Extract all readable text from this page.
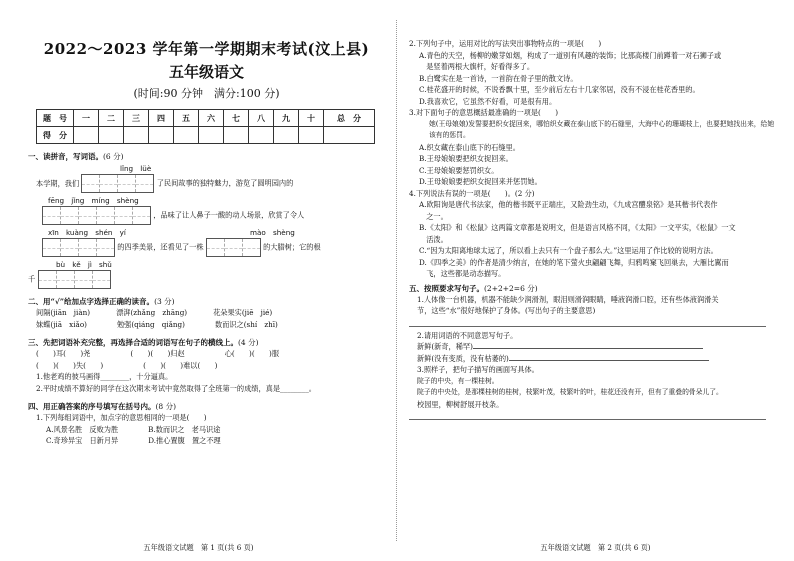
2022～2023 学年第一学期期末考试(汶上县)
五年级语文
(时间:90 分钟　满分:100 分)
题　号	一	二	三	四	五	六	七	八	九	十	总　分
得　分											
一、读拼音，写词语。(6 分)
lǐng　lüè
本学期，我们	了民间故事的独特魅力，游览了圆明园内的
fēng　jǐng　míng　shèng
，品味了让人鼻子一酸的动人场景，欣赏了令人
xīn　kuàng　shén　yí	mào　shèng
的四季美景，还看见了一株	的大腊树；它的根
bù　kě　jì　shǔ
千
二、用“√”给加点字选择正确的读音。(3 分)
间隔(jiān　jiàn)	漂湃(zhǎng　zhāng)	花朵果实(jiē　jié)
妹蝶(jiā　xiǎo)	勉强(qiáng　qiǎng)	数而识之(shí　zhī)
三、先把词语补充完整，再选择合适的词语写在句子的横线上。(4 分)
(　　)耳(　　)尧	(　　)(　　)归赵	心(　　)(　　)服
(　　)(　　)失(　　)	(　　)(　　)难以(　　)
1.他老鸡的彼马画得________，十分逼真。
2.平时成绩不算好的同学在这次期末考试中竟然取得了全班第一的成绩，真是________。
四、用正确答案的序号填写在括号内。(8 分)
1.下列每组词语中，加点字的意思相同的一项是(　　)
A.风景名胜　反败为胜	B.数而识之　老马识途
C.奇珍异宝　日新月异	D.推心置腹　置之不理
五年级语文试题　第 1 页(共 6 页)
2.下列句子中，运用对比的写法突出事物特点的一项是(　　)
A.青色的天空，杨柳的嫩芽如烟，构成了一道别有风趣的装饰；比那高楼门前蹲着一对石狮子或
　是竖着两根大旗杆，好看得多了。
B.白鹭实在是一首诗，一首韵在骨子里的散文诗。
C.桂花盛开的时候，不说香飘十里，至少前后左右十几家邻居，没有不浸在桂花香里的。
D.我喜欢它，它虽然不好看，可是很有用。
3.对下面句子的意思概括最准确的一项是(　　)
她(王母娘娘)发誓要把织女捉回来，哪怕织女藏在泰山底下的石缝里，大海中心的珊瑚枝上，也要把她找出来，给她该有的惩罚。
A.织女藏在泰山底下的石缝里。
B.王母娘娘要把织女捉回来。
C.王母娘娘要惩罚织女。
D.王母娘娘要把织女捉回来并惩罚她。
4.下列说法有误的一项是(　　)。(2 分)
A.欧阳询是唐代书法家，他的楷书既平正端庄，又险劲生动，《九成宫醴泉铭》是其楷书代表作
　之一。
B.《太阳》和《松鼠》这两篇文章都是说明文，但是语言风格不同，《太阳》一文平实，《松鼠》一文
　活泼。
C.“因为太阳离地球太远了，所以看上去只有一个盘子那么大。”这里运用了作比较的说明方法。
D.《四季之美》的作者是清少纳言，在她的笔下萤火虫翩翩飞舞，归鸦鸣窠飞回巢去，大雁比翼而
　飞，这些都是动态描写。
五、按照要求写句子。(2+2+2=6 分)
1.人体像一台机器，机器不能缺少润滑剂，眼泪则滑润眼睛，唾液润滑口腔，还有些体液润滑关
节，这些“水”很好地保护了身体。(写出句子的主要意思)
2.请用词语的不同意思写句子。
新鲜(新奇，稀罕)
新鲜(没有变质，没有枯萎的)
3.照样子，把句子描写的画面写具体。
院子的中央，有一棵桂树。
院子的中央处，是那棵桂树的桂树，枝繁叶茂，枝繁叶的叶，桂花还没有开，但有了重叠的骨朵儿了。
校园里，柳树舒展开枝条。
五年级语文试题　第 2 页(共 6 页)
